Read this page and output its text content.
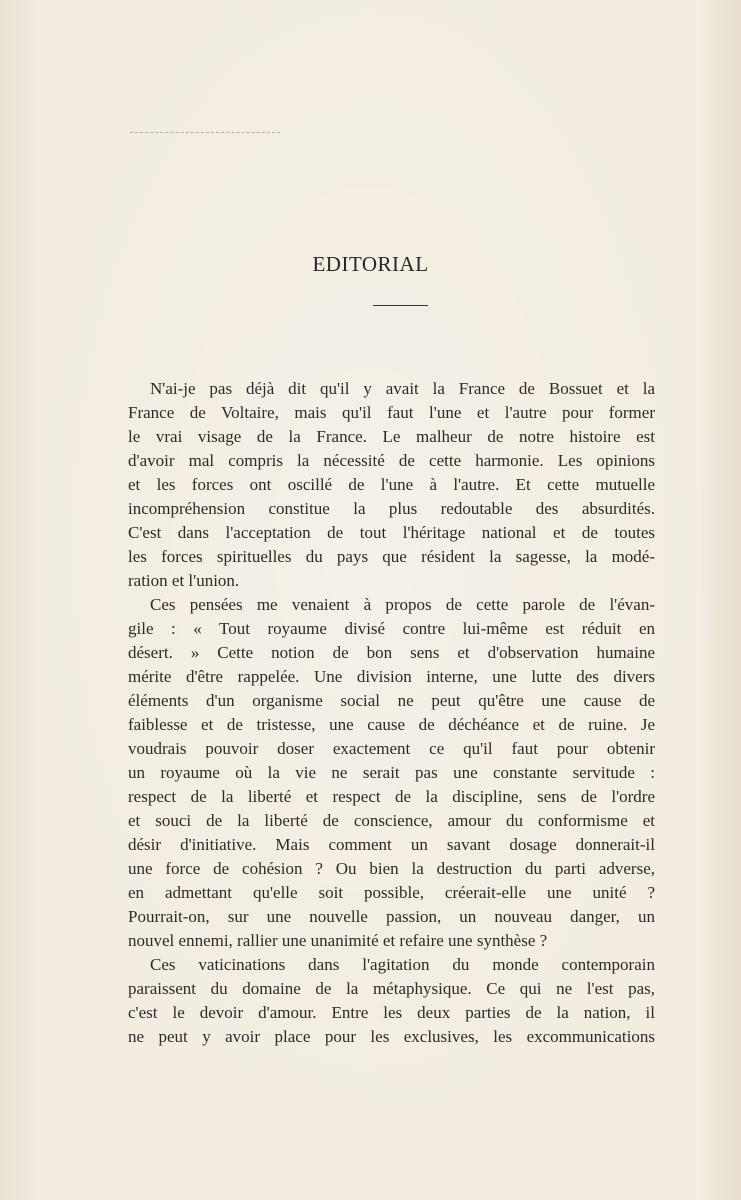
EDITORIAL
N'ai-je pas déjà dit qu'il y avait la France de Bossuet et la
France de Voltaire, mais qu'il faut l'une et l'autre pour former
le vrai visage de la France. Le malheur de notre histoire est
d'avoir mal compris la nécessité de cette harmonie. Les opinions
et les forces ont oscillé de l'une à l'autre. Et cette mutuelle
incompréhension constitue la plus redoutable des absurdités.
C'est dans l'acceptation de tout l'héritage national et de toutes
les forces spirituelles du pays que résident la sagesse, la modé-
ration et l'union.
Ces pensées me venaient à propos de cette parole de l'évan-
gile : « Tout royaume divisé contre lui-même est réduit en
désert. » Cette notion de bon sens et d'observation humaine
mérite d'être rappelée. Une division interne, une lutte des divers
éléments d'un organisme social ne peut qu'être une cause de
faiblesse et de tristesse, une cause de déchéance et de ruine. Je
voudrais pouvoir doser exactement ce qu'il faut pour obtenir
un royaume où la vie ne serait pas une constante servitude :
respect de la liberté et respect de la discipline, sens de l'ordre
et souci de la liberté de conscience, amour du conformisme et
désir d'initiative. Mais comment un savant dosage donnerait-il
une force de cohésion ? Ou bien la destruction du parti adverse,
en admettant qu'elle soit possible, créerait-elle une unité ?
Pourrait-on, sur une nouvelle passion, un nouveau danger, un
nouvel ennemi, rallier une unanimité et refaire une synthèse ?
Ces vaticinations dans l'agitation du monde contemporain
paraissent du domaine de la métaphysique. Ce qui ne l'est pas,
c'est le devoir d'amour. Entre les deux parties de la nation, il
ne peut y avoir place pour les exclusives, les excommunications
